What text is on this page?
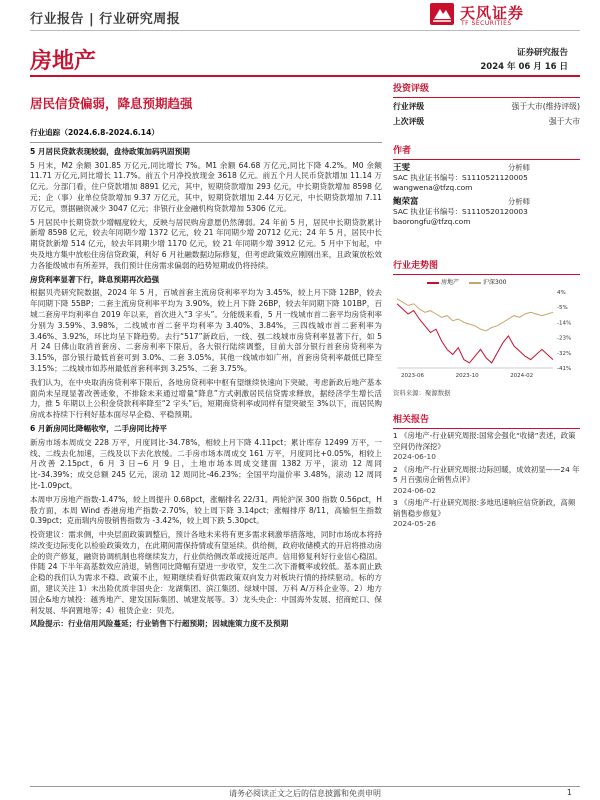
行业报告 | 行业研究周报	天风证券
TF SECURITIES
房地产	证券研究报告
2024 年 06 月 16 日
居民信贷偏弱，降息预期趋强
行业追踪（2024.6.8-2024.6.14）
5 月居民贷款表现较弱，盘待政策加码巩固预期

5 月末，M2 余额 301.85 万亿元,同比增长 7%。M1 余额 64.68 万亿元,同比下降 4.2%。M0 余额 11.71 万亿元,同比增长 11.7%。前五个月净投放现金 3618 亿元。前五个月人民币贷款增加 11.14 万亿元。分部门看，住户贷款增加 8891 亿元，其中，短期贷款增加 293 亿元，中长期贷款增加 8598 亿元；企（事）业单位贷款增加 9.37 万亿元，其中，短期贷款增加 2.44 万亿元，中长期贷款增加 7.11 万亿元，票据融资减少 3047 亿元；非银行业金融机构贷款增加 5306 亿元。

5 月居民中长期贷款少增幅度较大，反映与居民购房意愿仍然薄弱。24 年前 5 月，居民中长期贷款累计新增 8598 亿元，较去年同期少增 1372 亿元，较 21 年同期少增 20712 亿元；24 年 5 月，居民中长期贷款新增 514 亿元，较去年同期少增 1170 亿元，较 21 年同期少增 3912 亿元。5 月中下旬起，中央及地方集中放松住房信贷政策，利好 6 月社融数据边际修复，但考虑政策效应刚刚出来，且政策放松效力各能级城市有所差异，我们预计住房需求偏弱的趋势短期或仍将持续。

房贷利率显著下行，降息预期再次趋强

根据贝壳研究院数据，2024 年 5 月，百城首套主流房贷利率平均为 3.45%，较上月下降 12BP，较去年同期下降 55BP；二套主流房贷利率平均为 3.90%，较上月下降 26BP，较去年同期下降 101BP，百城二套房平均利率自 2019 年以来，首次进入“3 字头”。分能级来看，5 月一线城市首二套平均房贷利率分别为 3.59%、3.98%，二线城市首二套平均利率为 3.40%、3.84%，三四线城市首二套利率为 3.46%、3.92%，环比均呈下降趋势。去行“517”新政后，一线、强二线城市房贷利率显著下行，如 5 月 24 日佛山取消首套房、二套房利率下限后，各大银行陆续调整，目前大部分银行首套房贷利率为 3.15%，部分银行最低首套可到 3.0%、二套 3.05%。其他一线城市如广州，首套房贷利率最低已降至 3.15%；二线城市如苏州最低首套利率到 3.25%、二套 3.75%。

我们认为，在中央取消房贷利率下限后，各地房贷利率中枢有望继续快速向下突破。考虑新政后地产基本面尚未呈现显著改善迹象，不排除未来通过增量“降息”方式刺激居民信贷需求释放，据经济学生增长活力，推 5 年期以上公积金贷款利率降至“2 字头”后，短期商贷利率或同样有望突破至 3%以下，而居民购房成本持续下行利好基本面尽早企稳、平稳预期。

6 月新房同比降幅收窄，二手房同比持平

新房市场本周成交 228 万平，月度同比-34.78%，相较上月下降 4.11pct；累计库存 12499 万平，一线、二线去化加速，三线及以下去化放缓。二手房市场本周成交 161 万平，月度同比+0.05%，相较上月改善 2.15pct，6 月 3 日~6 月 9 日，土地市场本周成交建面 1382 万平，滚动 12 周同比-34.39%；成交总额 245 亿元，滚动 12 周同比-46.23%；全国平均溢价率 3.48%，滚动 12 周同比-1.09pct。

本周申万房地产指数-1.47%，较上周提升 0.68pct，涨幅排名 22/31。两轮沪深 300 指数 0.56pct，H 股方面，本周 Wind 香港房地产指数-2.70%，较上周下降 3.14pct；涨幅排序 8/11，高输恒生指数 0.39pct；克而瑞内房股销售指数为 -3.42%，较上周下跌 5.30pct。

投资建议：需求侧，中央层面政策调整后，预计各地未来将有更多需求刺激举措落地，同时市场成本将持续改变边际变化以检验政策效力，在此期间需保持情或有望延续。供给侧，政府收储模式的开启将推动房企的资产修复，融资协调机制也将继续发力，行业供给侧改革或接近尾声。信用修复利好行业信心稳固。伴随 24 下半年高基数效应消退，销售同比降幅有望进一步收窄，发生二次下滑概率或较低。基本面止跌企稳的我们认为需求不稳、政策不止，短期继续看好供需政策双向发力对板块行情的持续驱动。标的方面，建议关注 1）未出险优质非国央企：龙湖集团、滨江集团、绿城中国、万科 A/万科企业等。2）地方国企&地方城投：越秀地产、建发国际集团、城建发展等。3）龙头央企：中国海外发展、招商蛇口、保利发展、华润置地等；4）租赁企业：贝壳。

风险提示：行业信用风险蔓延；行业销售下行超预期；因城施策力度不及预期

投资评级
行业评级	强于大市(维持评级)
上次评级	强于大市
作者
王雯	分析师
SAC 执业证书编号：S1110521120005
wangwena@tfzq.com
鲍荣富	分析师
SAC 执业证书编号：S1110520120003
baorongfu@tfzq.com
行业走势图
房地产	沪深300
4%
-5%
-14%
-23%
-32%
-41%
2023-06	2023-10	2024-02
资料来源：聚源数据
相关报告
1 《房地产-行业研究周报:国常会强化“收储”表述，政策空间仍待深挖》
2024-06-10
2 《房地产-行业研究周报:边际回暖，成效初显——24 年 5 月百强房企销售点评》
2024-06-02
3 《房地产-行业研究周报:多地迅速响应信贷新政，高频销售稳步修复》
2024-05-26
请务必阅读正文之后的信息披露和免责申明	1
